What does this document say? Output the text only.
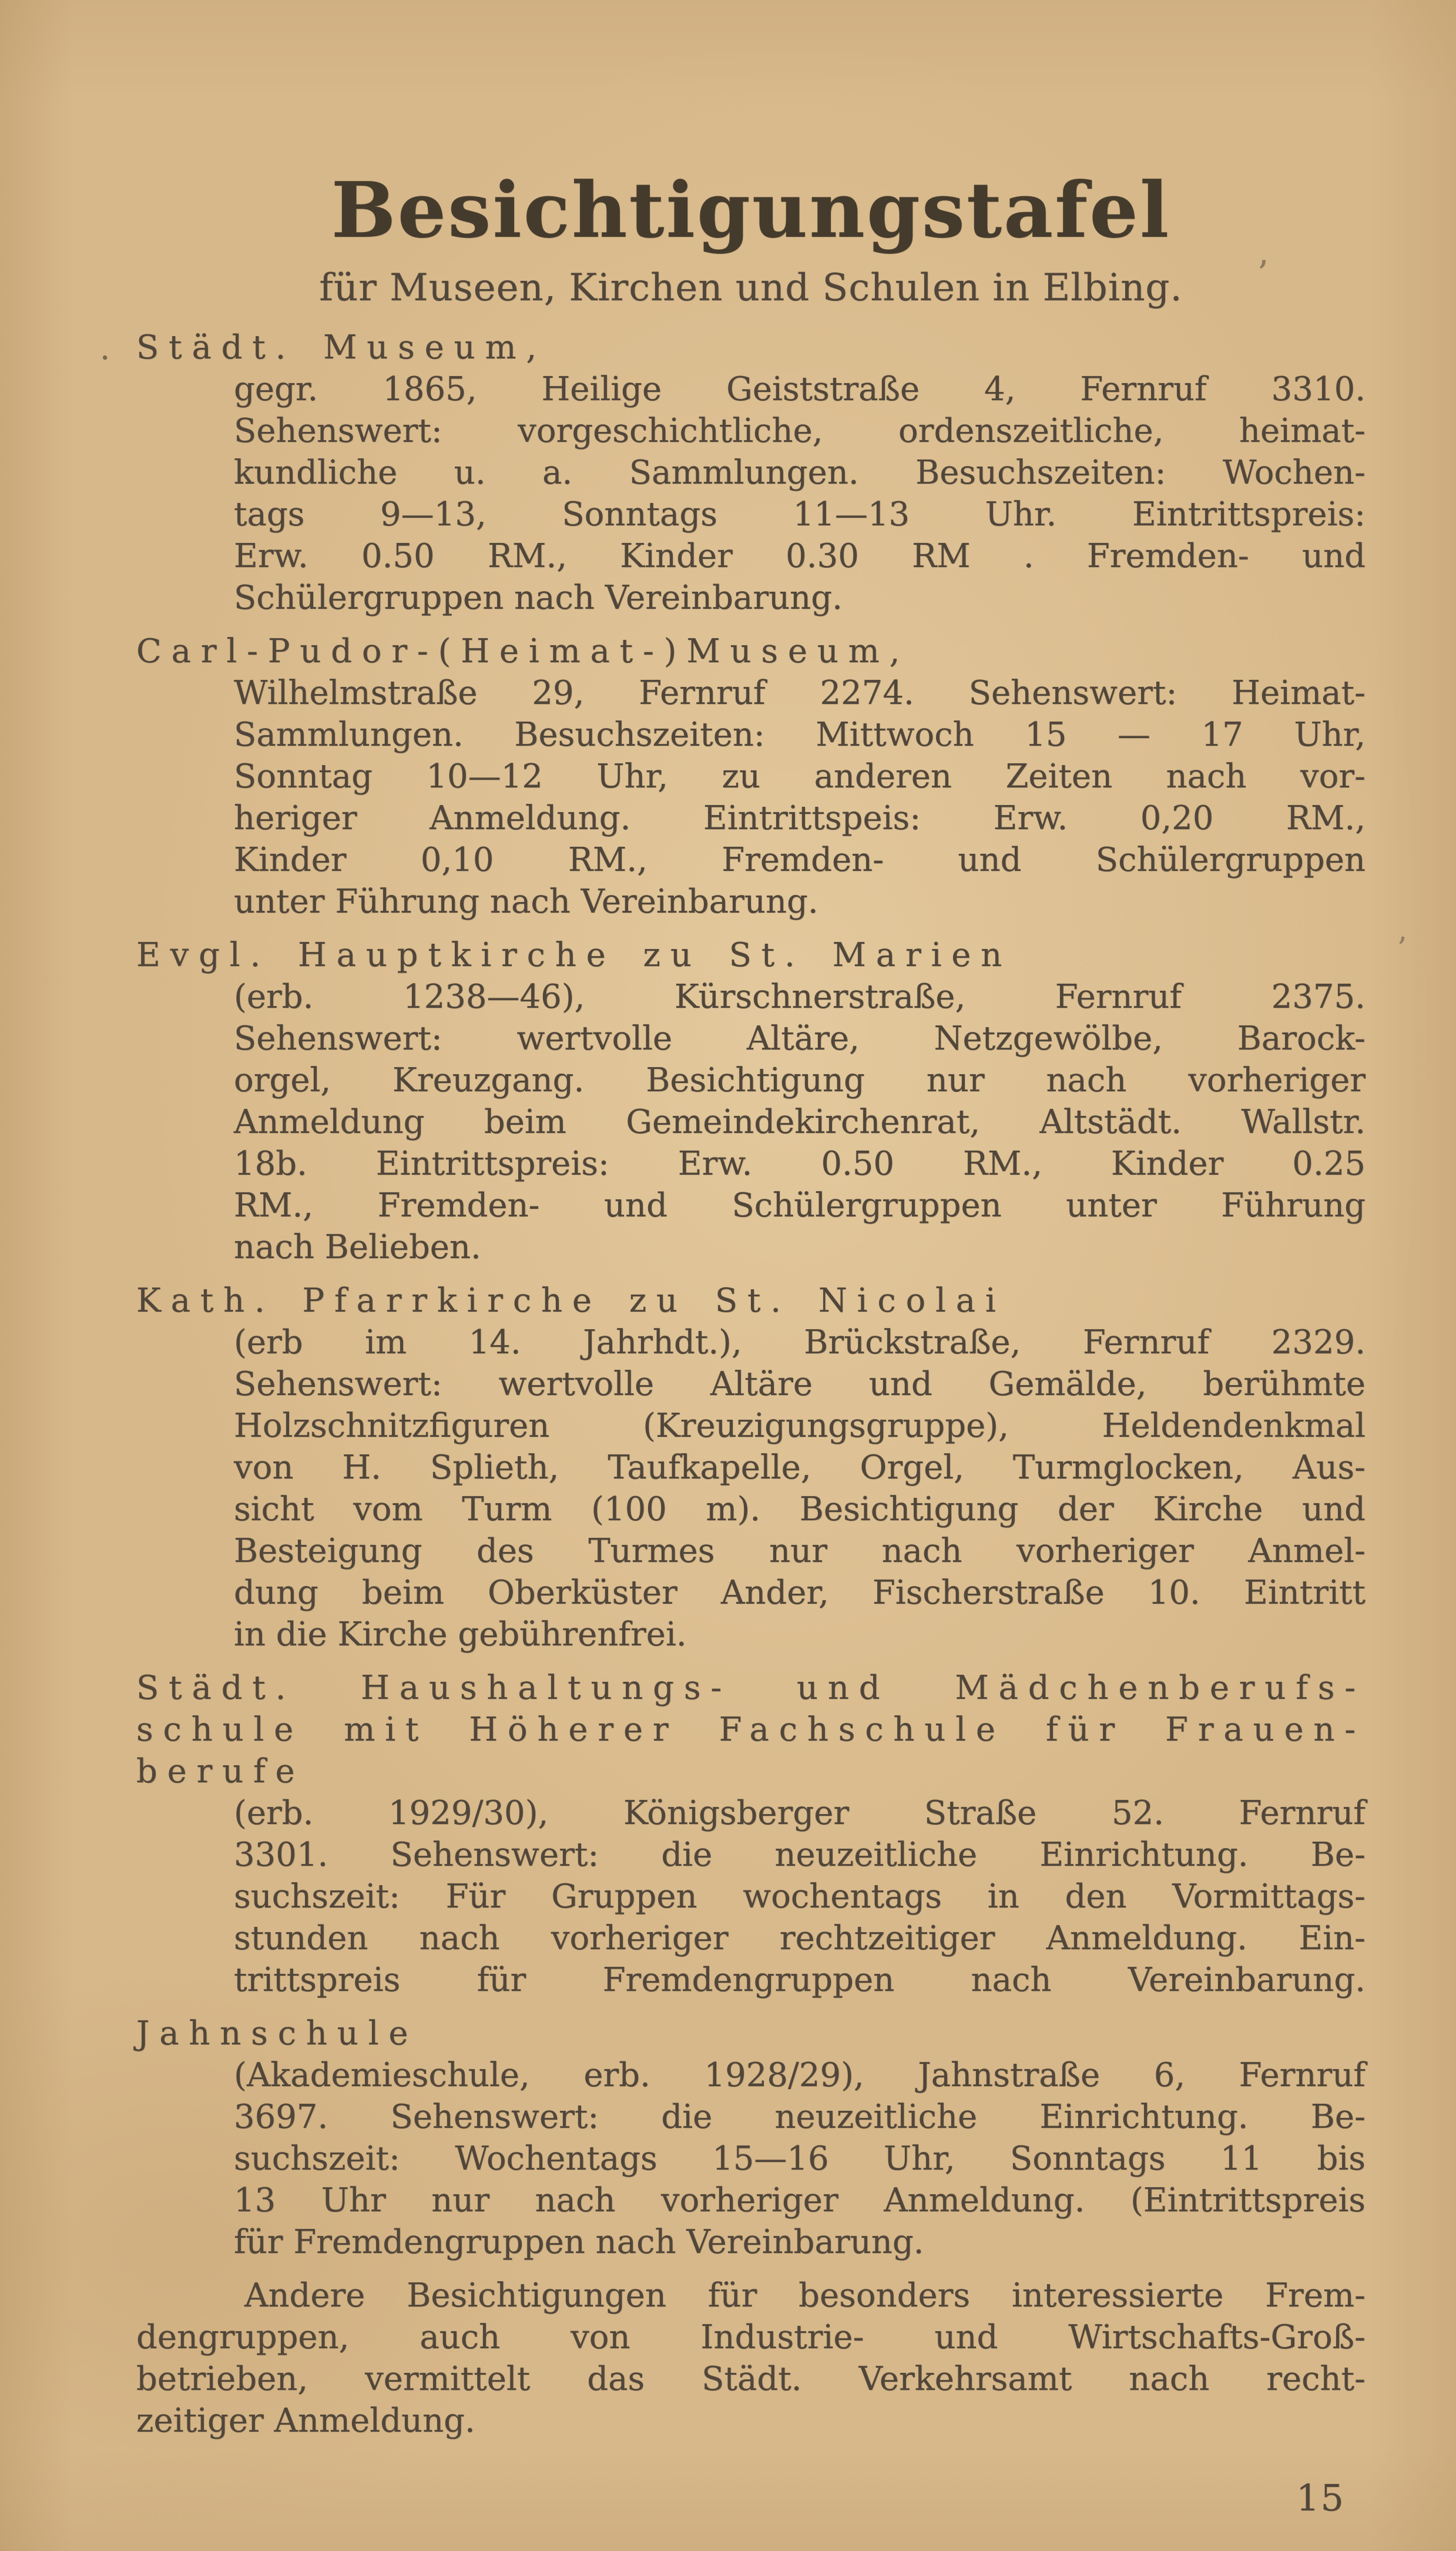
Besichtigungstafel
für Museen, Kirchen und Schulen in Elbing.
Städt. Museum,
gegr. 1865, Heilige Geiststraße 4, Fernruf 3310.
Sehenswert: vorgeschichtliche, ordenszeitliche, heimat-
kundliche u. a. Sammlungen. Besuchszeiten: Wochen-
tags 9—13, Sonntags 11—13 Uhr. Eintrittspreis:
Erw. 0.50 RM., Kinder 0.30 RM . Fremden- und
Schülergruppen nach Vereinbarung.
Carl-Pudor-(Heimat-)Museum,
Wilhelmstraße 29, Fernruf 2274. Sehenswert: Heimat-
Sammlungen. Besuchszeiten: Mittwoch 15 — 17 Uhr,
Sonntag 10—12 Uhr, zu anderen Zeiten nach vor-
heriger Anmeldung. Eintrittspeis: Erw. 0,20 RM.,
Kinder 0,10 RM., Fremden- und Schülergruppen
unter Führung nach Vereinbarung.
Evgl. Hauptkirche zu St. Marien
(erb. 1238—46), Kürschnerstraße, Fernruf 2375.
Sehenswert: wertvolle Altäre, Netzgewölbe, Barock-
orgel, Kreuzgang. Besichtigung nur nach vorheriger
Anmeldung beim Gemeindekirchenrat, Altstädt. Wallstr.
18b. Eintrittspreis: Erw. 0.50 RM., Kinder 0.25
RM., Fremden- und Schülergruppen unter Führung
nach Belieben.
Kath. Pfarrkirche zu St. Nicolai
(erb im 14. Jahrhdt.), Brückstraße, Fernruf 2329.
Sehenswert: wertvolle Altäre und Gemälde, berühmte
Holzschnitzfiguren (Kreuzigungsgruppe), Heldendenkmal
von H. Splieth, Taufkapelle, Orgel, Turmglocken, Aus-
sicht vom Turm (100 m). Besichtigung der Kirche und
Besteigung des Turmes nur nach vorheriger Anmel-
dung beim Oberküster Ander, Fischerstraße 10. Eintritt
in die Kirche gebührenfrei.
Städt. Haushaltungs- und Mädchenberufs-
schule mit Höherer Fachschule für Frauen-
berufe
(erb. 1929/30), Königsberger Straße 52. Fernruf
3301. Sehenswert: die neuzeitliche Einrichtung. Be-
suchszeit: Für Gruppen wochentags in den Vormittags-
stunden nach vorheriger rechtzeitiger Anmeldung. Ein-
trittspreis für Fremdengruppen nach Vereinbarung.
Jahnschule
(Akademieschule, erb. 1928/29), Jahnstraße 6, Fernruf
3697. Sehenswert: die neuzeitliche Einrichtung. Be-
suchszeit: Wochentags 15—16 Uhr, Sonntags 11 bis
13 Uhr nur nach vorheriger Anmeldung. (Eintrittspreis
für Fremdengruppen nach Vereinbarung.
Andere Besichtigungen für besonders interessierte Frem-
dengruppen, auch von Industrie- und Wirtschafts-Groß-
betrieben, vermittelt das Städt. Verkehrsamt nach recht-
zeitiger Anmeldung.
15
.
’
’
